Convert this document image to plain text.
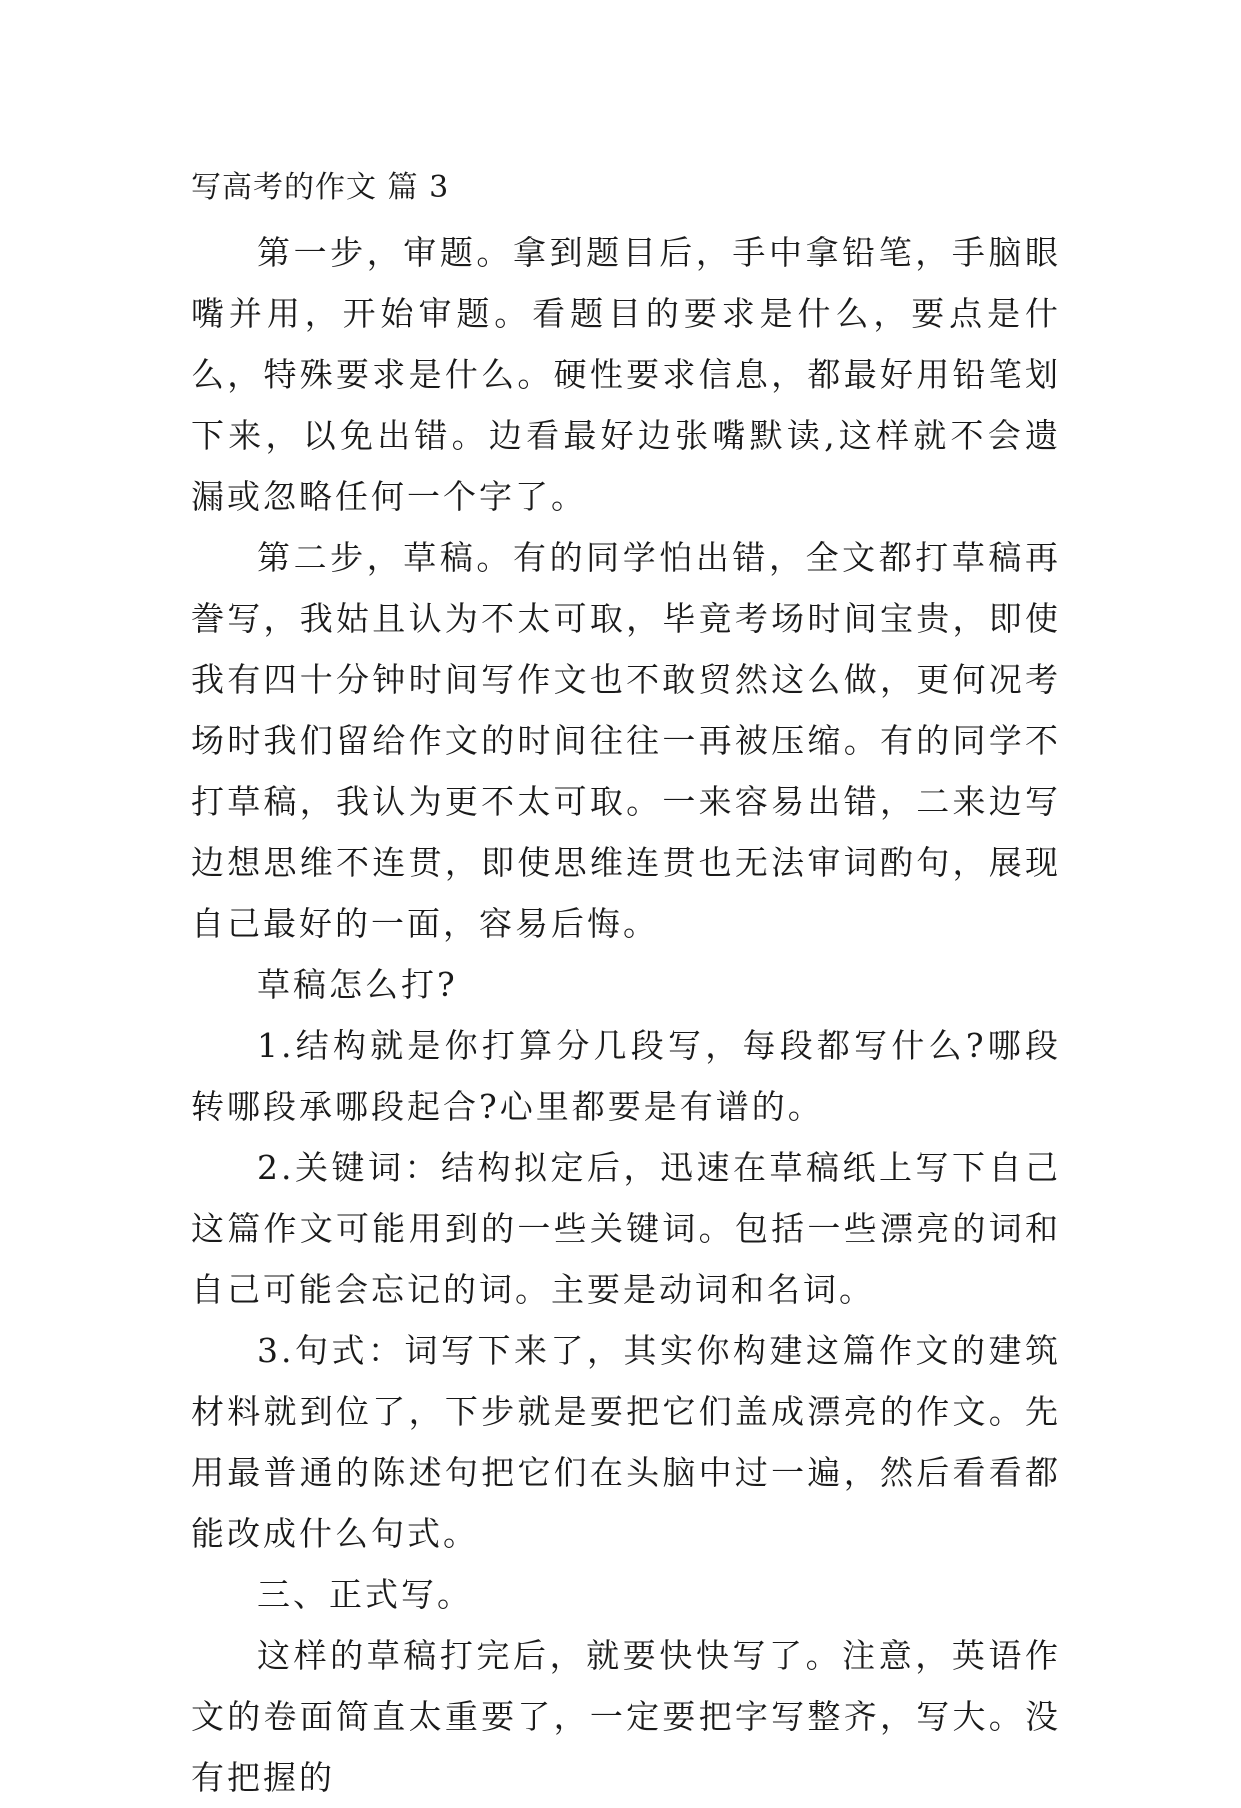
写高考的作文 篇 3

第一步，审题。拿到题目后，手中拿铅笔，手脑眼嘴并用，开始审题。看题目的要求是什么，要点是什么，特殊要求是什么。硬性要求信息，都最好用铅笔划下来，以免出错。边看最好边张嘴默读,这样就不会遗漏或忽略任何一个字了。

第二步，草稿。有的同学怕出错，全文都打草稿再誊写，我姑且认为不太可取，毕竟考场时间宝贵，即使我有四十分钟时间写作文也不敢贸然这么做，更何况考场时我们留给作文的时间往往一再被压缩。有的同学不打草稿，我认为更不太可取。一来容易出错，二来边写边想思维不连贯，即使思维连贯也无法审词酌句，展现自己最好的一面，容易后悔。

草稿怎么打?

1.结构就是你打算分几段写，每段都写什么?哪段转哪段承哪段起合?心里都要是有谱的。

2.关键词：结构拟定后，迅速在草稿纸上写下自己这篇作文可能用到的一些关键词。包括一些漂亮的词和自己可能会忘记的词。主要是动词和名词。

3.句式：词写下来了，其实你构建这篇作文的建筑材料就到位了，下步就是要把它们盖成漂亮的作文。先用最普通的陈述句把它们在头脑中过一遍，然后看看都能改成什么句式。

三、正式写。

这样的草稿打完后，就要快快写了。注意，英语作文的卷面简直太重要了，一定要把字写整齐，写大。没有把握的
